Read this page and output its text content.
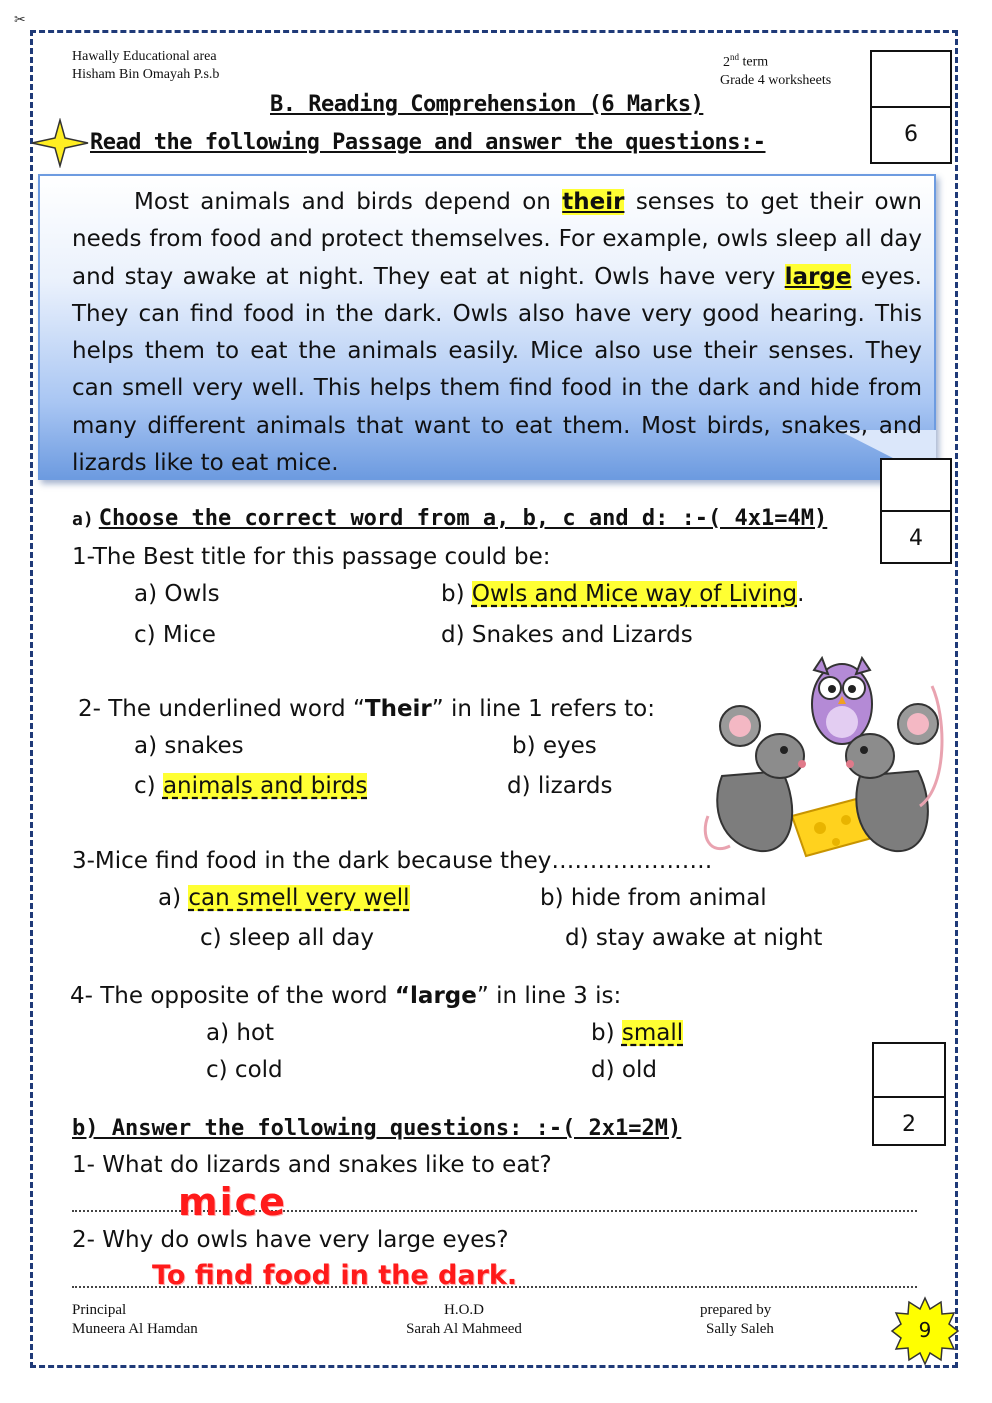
✂
Hawally Educational area
Hisham Bin Omayah P.s.b
2nd term
Grade 4 worksheets
6
B. Reading Comprehension (6 Marks)
Read the following Passage and answer the questions:-
Most animals and birds depend on their senses to get their own needs from food and protect themselves. For example, owls sleep all day and stay awake at night. They eat at night. Owls have very large eyes. They can find food in the dark. Owls also have very good hearing. This helps them to eat the animals easily. Mice also use their senses. They can smell very well. This helps them find food in the dark and hide from many different animals that want to eat them. Most birds, snakes, and lizards like to eat mice.
4
a) Choose the correct word from a, b, c and d: :-( 4x1=4M)
1-The Best title for this passage could be:
a) Owls	b) Owls and Mice way of Living.
c) Mice	d) Snakes and Lizards
2- The underlined word “Their” in line 1 refers to:
a) snakes	b) eyes
c) animals and birds	d) lizards
3-Mice find food in the dark because they…………………
a) can smell very well	b) hide from animal
c) sleep all day	d) stay awake at night
4- The opposite of the word “large” in line 3 is:
a) hot	b) small
c) cold	d) old
2
b) Answer the following questions: :-( 2x1=2M)
1- What do lizards and snakes like to eat?
mice
2- Why do owls have very large eyes?
To find food in the dark.
Principal
Muneera Al Hamdan
H.O.D
Sarah Al Mahmeed
prepared by
Sally Saleh	9
